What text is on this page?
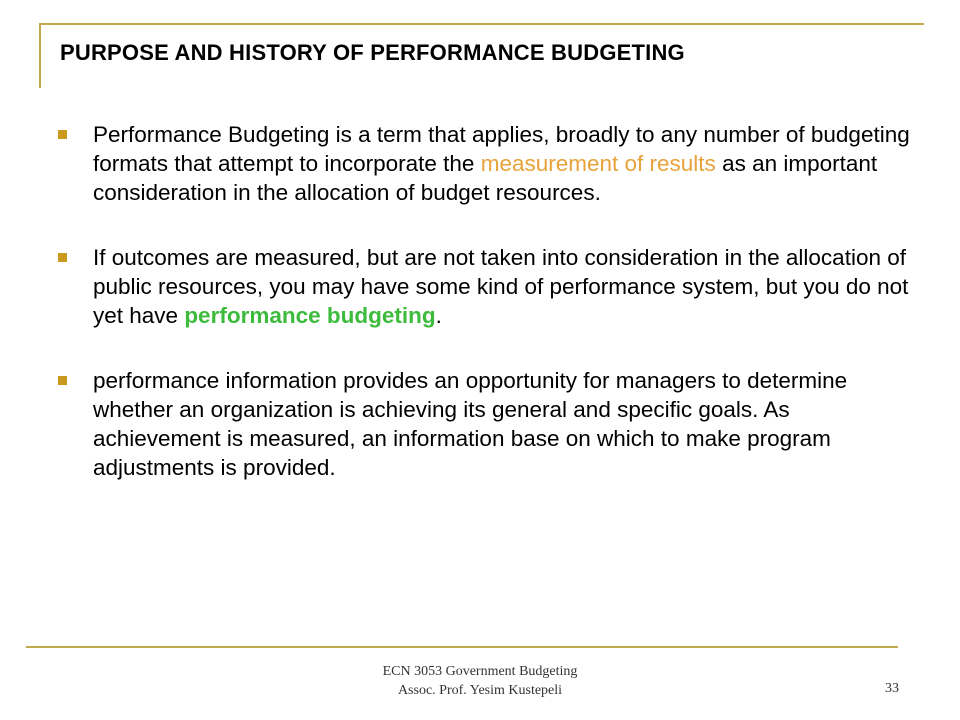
PURPOSE AND HISTORY OF PERFORMANCE BUDGETING
Performance Budgeting is a term that applies, broadly to any number of budgeting formats that attempt to incorporate the measurement of results as an important consideration in the allocation of budget resources.
If outcomes are measured, but are not taken into consideration in the allocation of public resources, you may have some kind of performance system, but you do not yet have performance budgeting.
performance information provides an opportunity for managers to determine whether an organization is achieving its general and specific goals. As achievement is measured, an information base on which to make program adjustments is provided.
ECN 3053 Government Budgeting
Assoc. Prof. Yesim Kustepeli	33
